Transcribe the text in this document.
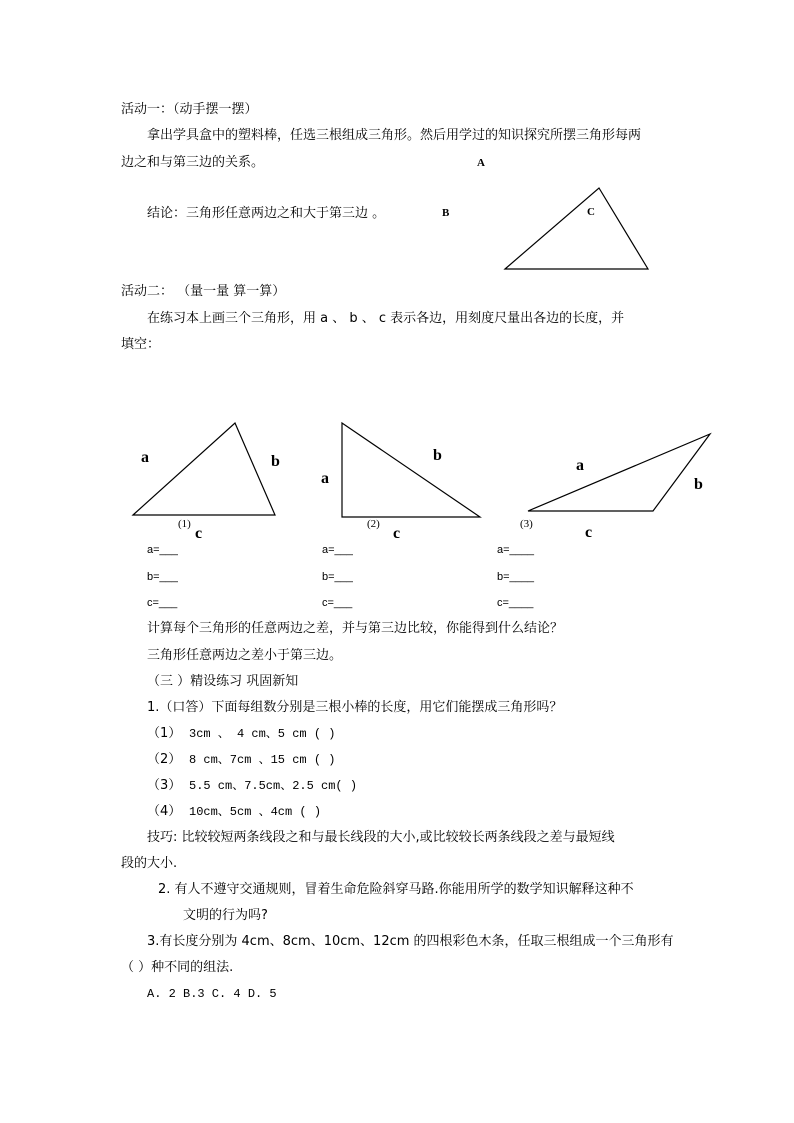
活动一：（动手摆一摆）
拿出学具盒中的塑料棒，任选三根组成三角形。然后用学过的知识探究所摆三角形每两
边之和与第三边的关系。	A
结论：三角形任意两边之和大于第三边 。	B	C
活动二： （量一量 算一算）
在练习本上画三个三角形，用 a 、 b 、 c 表示各边，用刻度尺量出各边的长度，并
填空：
a	b
(1)
c
a=___
b=___
c=___
a
b
(2)
c
a=___
b=___
c=___
a
b
(3)	c
a=____
b=____
c=____
计算每个三角形的任意两边之差，并与第三边比较，你能得到什么结论？
三角形任意两边之差小于第三边。
（三 ）精设练习 巩固新知
1.（口答）下面每组数分别是三根小棒的长度，用它们能摆成三角形吗？
（1） 3cm 、 4 cm、5 cm ( )
（2） 8 cm、7cm 、15 cm ( )
（3） 5.5 cm、7.5cm、2.5 cm( )
（4） 10cm、5cm 、4cm ( )
技巧: 比较较短两条线段之和与最长线段的大小,或比较较长两条线段之差与最短线
段的大小.
2. 有人不遵守交通规则，冒着生命危险斜穿马路.你能用所学的数学知识解释这种不
文明的行为吗?
3.有长度分别为 4cm、8cm、10cm、12cm 的四根彩色木条，任取三根组成一个三角形有
（ ）种不同的组法.
A. 2 B.3 C. 4 D. 5
